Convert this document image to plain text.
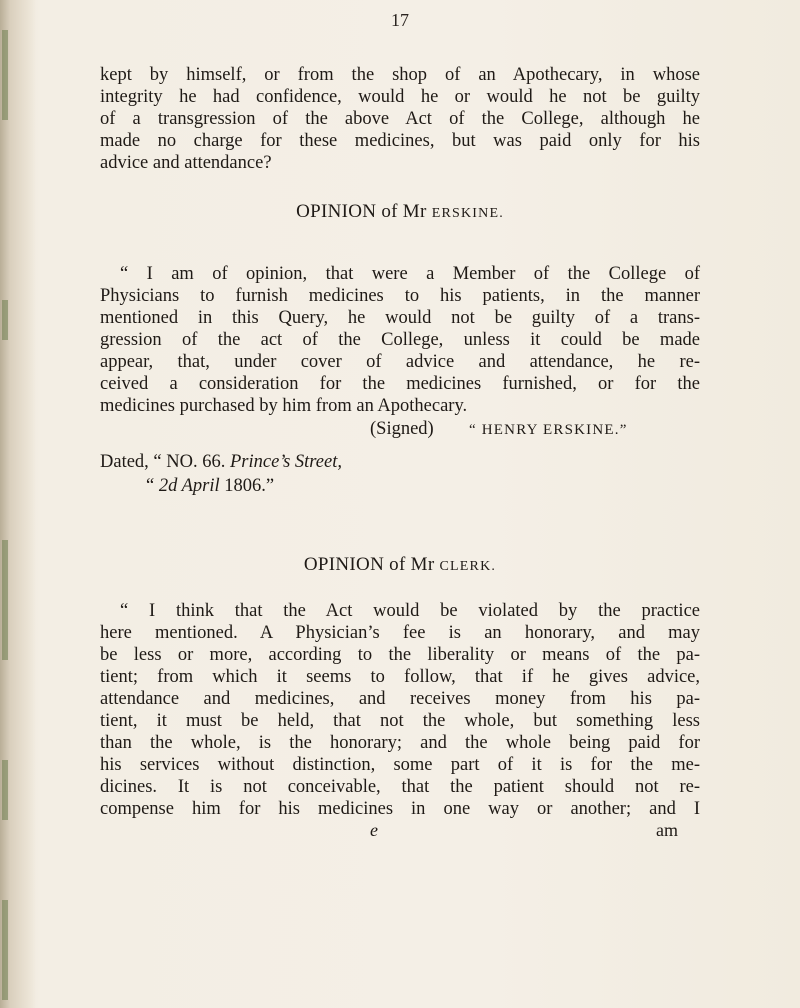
17
kept by himself, or from the shop of an Apothecary, in whose
integrity he had confidence, would he or would he not be guilty
of a transgression of the above Act of the College, although he
made no charge for these medicines, but was paid only for his
advice and attendance?
OPINION of Mr ERSKINE.
“ I am of opinion, that were a Member of the College of
Physicians to furnish medicines to his patients, in the manner
mentioned in this Query, he would not be guilty of a trans-
gression of the act of the College, unless it could be made
appear, that, under cover of advice and attendance, he re-
ceived a consideration for the medicines furnished, or for the
medicines purchased by him from an Apothecary.
(Signed) “ HENRY ERSKINE.”
Dated, “ NO. 66. Prince’s Street,
“ 2d April 1806.”
OPINION of Mr CLERK.
“ I think that the Act would be violated by the practice
here mentioned. A Physician’s fee is an honorary, and may
be less or more, according to the liberality or means of the pa-
tient; from which it seems to follow, that if he gives advice,
attendance and medicines, and receives money from his pa-
tient, it must be held, that not the whole, but something less
than the whole, is the honorary; and the whole being paid for
his services without distinction, some part of it is for the me-
dicines. It is not conceivable, that the patient should not re-
compense him for his medicines in one way or another; and I
e	am
